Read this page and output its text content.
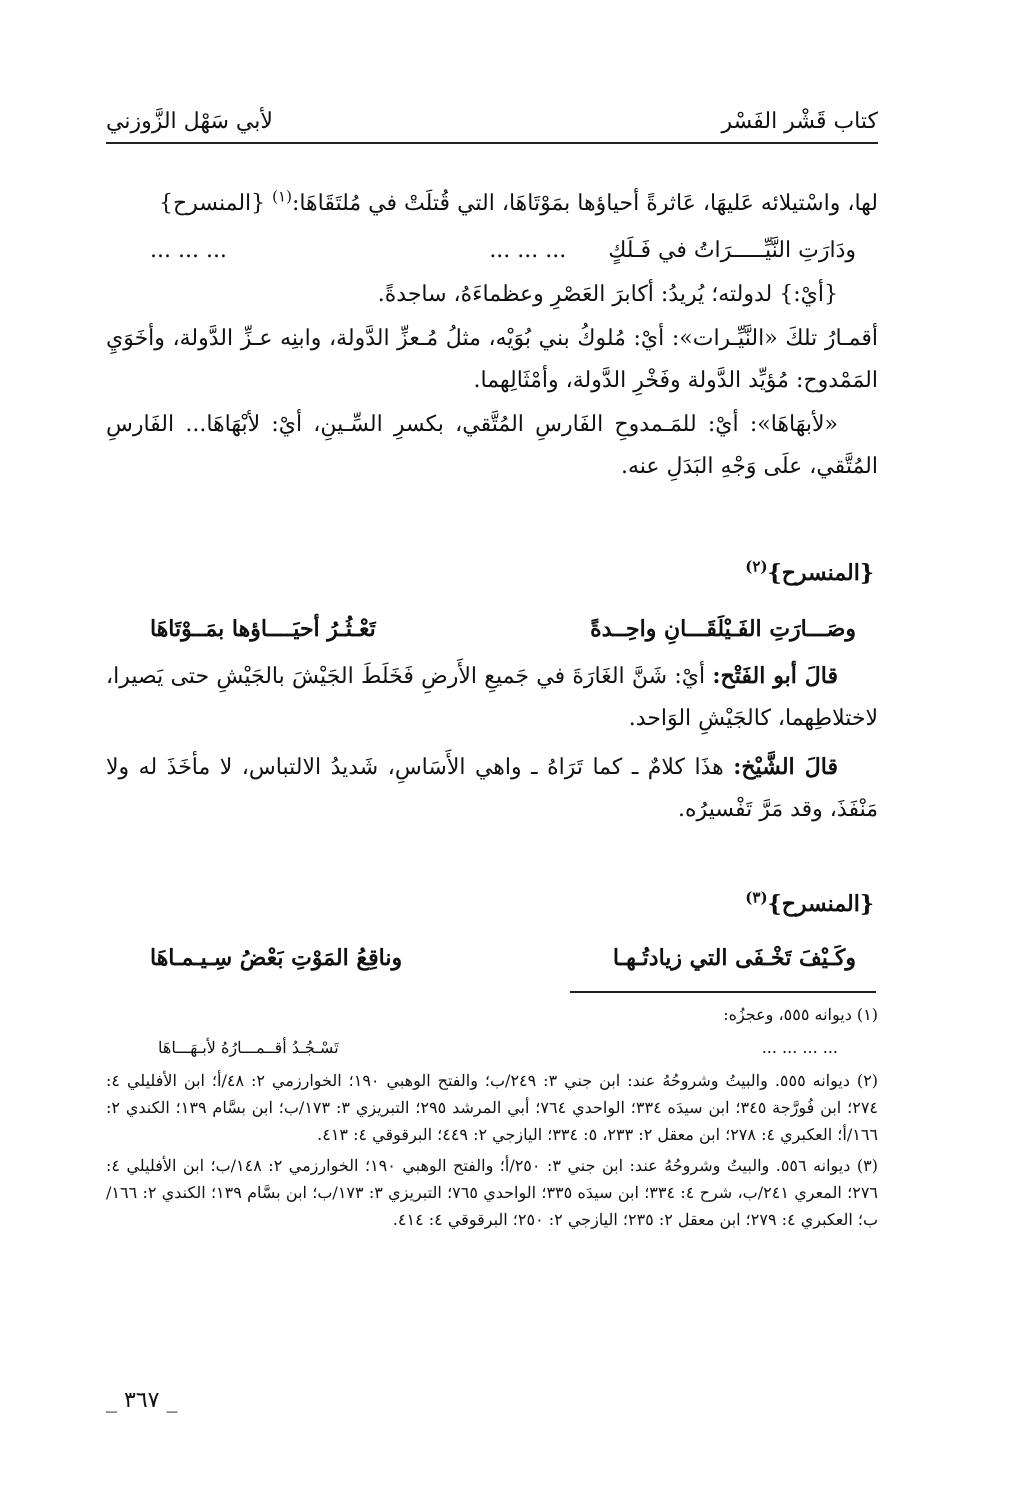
كتاب قَشْر الفَسْر
لأبي سَهْل الزَّوزني

لها، واسْتيلائه عَليهَا، عَاثرةً أحياؤها بمَوْتَاهَا، التي قُتلَتْ في مُلتَقَاهَا:$^{(١)}$ {المنسرح}

ودَارَتِ النَّيِّـــــرَاتُ في فَـلَكٍ      ... ... ...
... ... ...

{أيْ:} لدولته؛ يُريدُ: أكابرَ العَصْرِ وعظماءَهُ، ساجدةً.

أقمـارُ تلكَ «النَّيِّـرات»: أيْ: مُلوكُ بني بُوَيْه، مثلُ مُـعزِّ الدَّولة، وابنِه عـزِّ الدَّولة، وأخَوَيِ المَمْدوح: مُؤيِّد الدَّولة وفَخْرِ الدَّولة، وأمْثَالِهما.

«لأبهَاهَا»: أيْ: للمَـمدوحِ الفَارسِ المُتَّقي، بكسرِ السِّـينِ، أيْ: لأبْهَاهَا... الفَارسِ المُتَّقي، علَى وَجْهِ البَدَلِ عنه.

{المنسرح}$^{(٢)}$
وصَـــارَتِ الفَـيْلَقَـــانِ واحِــدةً
تَعْـثُـرُ أحيَــــاؤها بمَــوْتَاهَا

قالَ أبو الفَتْح: أيْ: شَنَّ الغَارَةَ في جَميعِ الأَرضِ فَخَلَطَ الجَيْشَ بالجَيْشِ حتى يَصيرا، لاختلاطِهما، كالجَيْشِ الوَاحد.

قالَ الشَّيْخ: هذَا كلامٌ ـ كما تَرَاهُ ـ واهي الأَسَاسِ، شَديدُ الالتباس، لا مأخَذَ له ولا مَنْفَذَ، وقد مَرَّ تَفْسيرُه.

{المنسرح}$^{(٣)}$
وكَـيْفَ تَخْـفَى التي زيادتُـهـا
وناقِعُ المَوْتِ بَعْضُ سِـيـمـاهَا

(١) ديوانه ٥٥٥، وعجزُه:

... ... ... ...
تَسْـجُـدُ أقــمـــارُهُ لأبـهَـــاهَا

(٢) ديوانه ٥٥٥. والبيتُ وشروحُهُ عند: ابن جني ٣: ٢٤٩/ب؛ والفتح الوهبي ١٩٠؛ الخوارزمي ٢: ٤٨/أ؛ ابن الأفليلي ٤: ٢٧٤؛ ابن فُورَّجة ٣٤٥؛ ابن سيدَه ٣٣٤؛ الواحدي ٧٦٤؛ أبي المرشد ٢٩٥؛ التبريزي ٣: ١٧٣/ب؛ ابن بسَّام ١٣٩؛ الكندي ٢: ١٦٦/أ؛ العكبري ٤: ٢٧٨؛ ابن معقل ٢: ٢٣٣، ٥: ٣٣٤؛ اليازجي ٢: ٤٤٩؛ البرقوقي ٤: ٤١٣.

(٣) ديوانه ٥٥٦. والبيتُ وشروحُهُ عند: ابن جني ٣: ٢٥٠/أ؛ والفتح الوهبي ١٩٠؛ الخوارزمي ٢: ١٤٨/ب؛ ابن الأفليلي ٤: ٢٧٦؛ المعري ٢٤١/ب، شرح ٤: ٣٣٤؛ ابن سيدَه ٣٣٥؛ الواحدي ٧٦٥؛ التبريزي ٣: ١٧٣/ب؛ ابن بسَّام ١٣٩؛ الكندي ٢: ١٦٦/ب؛ العكبري ٤: ٢٧٩؛ ابن معقل ٢: ٢٣٥؛ اليازجي ٢: ٢٥٠؛ البرقوقي ٤: ٤١٤.

_ ٣٦٧ _
